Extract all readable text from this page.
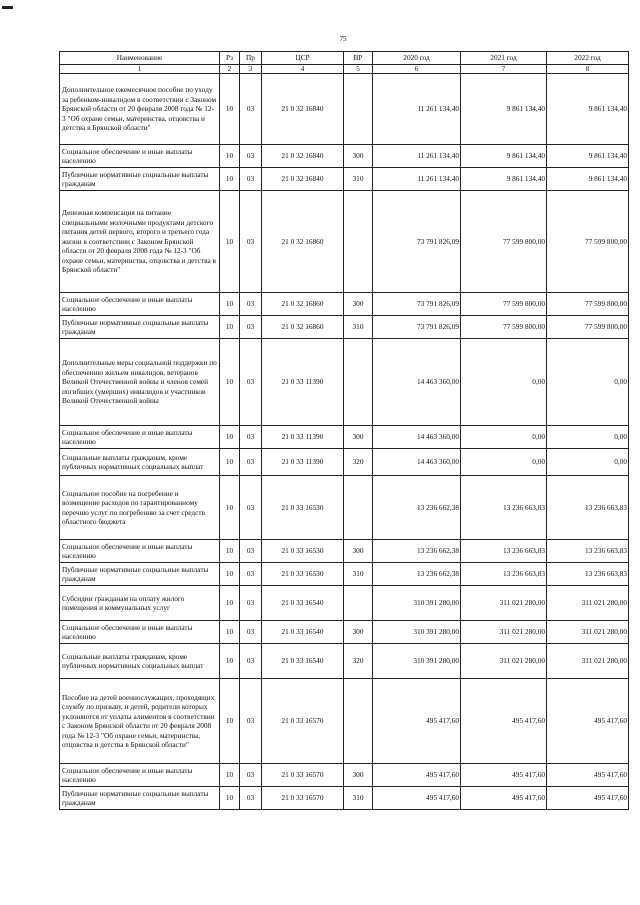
75
Наименование	Рз	Пр	ЦСР	ВР	2020 год	2021 год	2022 год
1	2	3	4	5	6	7	8
Дополнительное ежемесячное пособие по уходу за ребенком-инвалидом в соответствии с Законом Брянской области от 20 февраля 2008 года № 12-3 "Об охране семьи, материнства, отцовства и детства в Брянской области"	10	03	21 0 32 16840		11 261 134,40	9 861 134,40	9 861 134,40
Социальное обеспечение и иные выплаты населению	10	03	21 0 32 16840	300	11 261 134,40	9 861 134,40	9 861 134,40
Публичные нормативные социальные выплаты гражданам	10	03	21 0 32 16840	310	11 261 134,40	9 861 134,40	9 861 134,40
Денежная компенсация на питание специальными молочными продуктами детского питания детей первого, второго и третьего года жизни в соответствии с Законом Брянской области от 20 февраля 2008 года № 12-3 "Об охране семьи, материнства, отцовства и детства в Брянской области"	10	03	21 0 32 16860		73 791 826,09	77 599 800,00	77 599 800,00
Социальное обеспечение и иные выплаты населению	10	03	21 0 32 16860	300	73 791 826,09	77 599 800,00	77 599 800,00
Публичные нормативные социальные выплаты гражданам	10	03	21 0 32 16860	310	73 791 826,09	77 599 800,00	77 599 800,00
Дополнительные меры социальной поддержки по обеспечению жильем инвалидов, ветеранов Великой Отечественной войны и членов семей погибших (умерших) инвалидов и участников Великой Отечественной войны	10	03	21 0 33 11390		14 463 360,00	0,00	0,00
Социальное обеспечение и иные выплаты населению	10	03	21 0 33 11390	300	14 463 360,00	0,00	0,00
Социальные выплаты гражданам, кроме публичных нормативных социальных выплат	10	03	21 0 33 11390	320	14 463 360,00	0,00	0,00
Социальное пособие на погребение и возмещение расходов по гарантированному перечню услуг по погребению за счет средств областного бюджета	10	03	21 0 33 16530		13 236 662,38	13 236 663,83	13 236 663,83
Социальное обеспечение и иные выплаты населению	10	03	21 0 33 16530	300	13 236 662,38	13 236 663,83	13 236 663,83
Публичные нормативные социальные выплаты гражданам	10	03	21 0 33 16530	310	13 236 662,38	13 236 663,83	13 236 663,83
Субсидии гражданам на оплату жилого помещения и коммунальных услуг	10	03	21 0 33 16540		310 391 280,00	311 021 280,00	311 021 280,00
Социальное обеспечение и иные выплаты населению	10	03	21 0 33 16540	300	310 391 280,00	311 021 280,00	311 021 280,00
Социальные выплаты гражданам, кроме публичных нормативных социальных выплат	10	03	21 0 33 16540	320	310 391 280,00	311 021 280,00	311 021 280,00
Пособие на детей военнослужащих, проходящих службу по призыву, и детей, родители которых уклоняются от уплаты алиментов в соответствии с Законом Брянской области от 20 февраля 2008 года № 12-3 "Об охране семьи, материнства, отцовства и детства в Брянской области"	10	03	21 0 33 16570		495 417,60	495 417,60	495 417,60
Социальное обеспечение и иные выплаты населению	10	03	21 0 33 16570	300	495 417,60	495 417,60	495 417,60
Публичные нормативные социальные выплаты гражданам	10	03	21 0 33 16570	310	495 417,60	495 417,60	495 417,60
